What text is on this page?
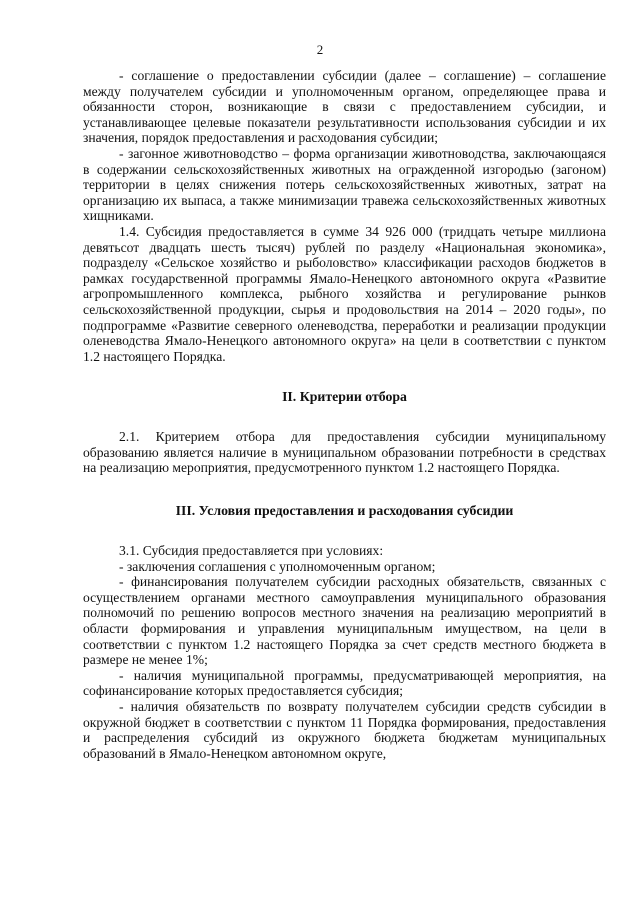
2

- соглашение о предоставлении субсидии (далее – соглашение) – соглашение между получателем субсидии и уполномоченным органом, определяющее права и обязанности сторон, возникающие в связи с предоставлением субсидии, и устанавливающее целевые показатели результативности использования субсидии и их значения, порядок предоставления и расходования субсидии;

- загонное животноводство – форма организации животноводства, заключающаяся в содержании сельскохозяйственных животных на огражденной изгородью (загоном) территории в целях снижения потерь сельскохозяйственных животных, затрат на организацию их выпаса, а также минимизации травежа сельскохозяйственных животных хищниками.

1.4. Субсидия предоставляется в сумме 34 926 000 (тридцать четыре миллиона девятьсот двадцать шесть тысяч) рублей по разделу «Национальная экономика», подразделу «Сельское хозяйство и рыболовство» классификации расходов бюджетов в рамках государственной программы Ямало-Ненецкого автономного округа «Развитие агропромышленного комплекса, рыбного хозяйства и регулирование рынков сельскохозяйственной продукции, сырья и продовольствия на 2014 – 2020 годы», по подпрограмме «Развитие северного оленеводства, переработки и реализации продукции оленеводства Ямало-Ненецкого автономного округа» на цели в соответствии с пунктом 1.2 настоящего Порядка.

II. Критерии отбора

2.1. Критерием отбора для предоставления субсидии муниципальному образованию является наличие в муниципальном образовании потребности в средствах на реализацию мероприятия, предусмотренного пунктом 1.2 настоящего Порядка.

III. Условия предоставления и расходования субсидии

3.1. Субсидия предоставляется при условиях:

- заключения соглашения с уполномоченным органом;

- финансирования получателем субсидии расходных обязательств, связанных с осуществлением органами местного самоуправления муниципального образования полномочий по решению вопросов местного значения на реализацию мероприятий в области формирования и управления муниципальным имуществом, на цели в соответствии с пунктом 1.2 настоящего Порядка за счет средств местного бюджета в размере не менее 1%;

- наличия муниципальной программы, предусматривающей мероприятия, на софинансирование которых предоставляется субсидия;

- наличия обязательств по возврату получателем субсидии средств субсидии в окружной бюджет в соответствии с пунктом 11 Порядка формирования, предоставления и распределения субсидий из окружного бюджета бюджетам муниципальных образований в Ямало-Ненецком автономном округе,
